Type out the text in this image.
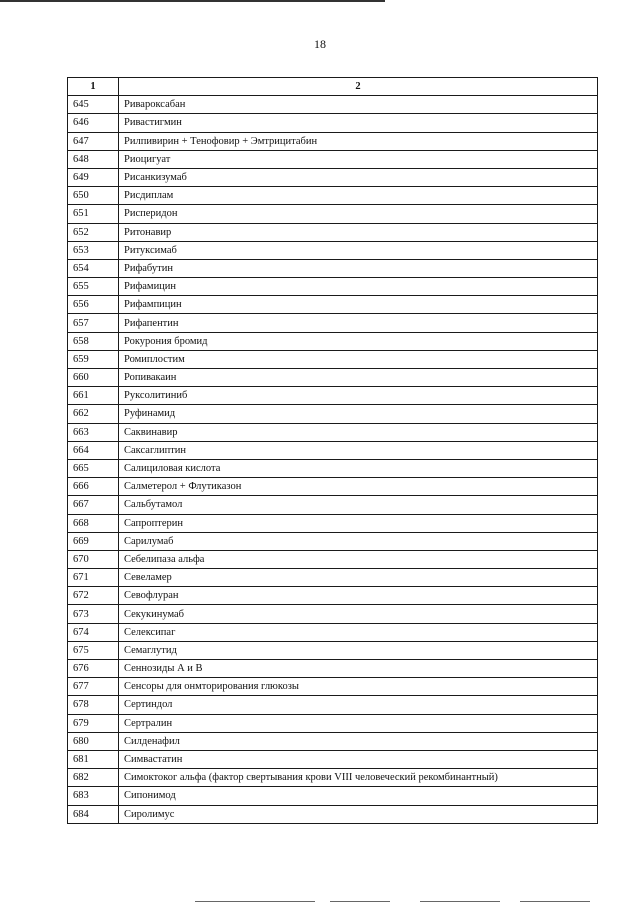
18
1	2
645	Ривароксабан
646	Ривастигмин
647	Рилпивирин + Тенофовир + Эмтрицитабин
648	Риоцигуат
649	Рисанкизумаб
650	Рисдиплам
651	Рисперидон
652	Ритонавир
653	Ритуксимаб
654	Рифабутин
655	Рифамицин
656	Рифампицин
657	Рифапентин
658	Рокурония бромид
659	Ромиплостим
660	Ропивакаин
661	Руксолитиниб
662	Руфинамид
663	Саквинавир
664	Саксаглиптин
665	Салициловая кислота
666	Салметерол + Флутиказон
667	Сальбутамол
668	Сапроптерин
669	Сарилумаб
670	Себелипаза альфа
671	Севеламер
672	Севофлуран
673	Секукинумаб
674	Селексипаг
675	Семаглутид
676	Сеннозиды А и В
677	Сенсоры для онмторирования глюкозы
678	Сертиндол
679	Сертралин
680	Силденафил
681	Симвастатин
682	Симоктоког альфа (фактор свертывания крови VIII человеческий рекомбинантный)
683	Сипонимод
684	Сиролимус
